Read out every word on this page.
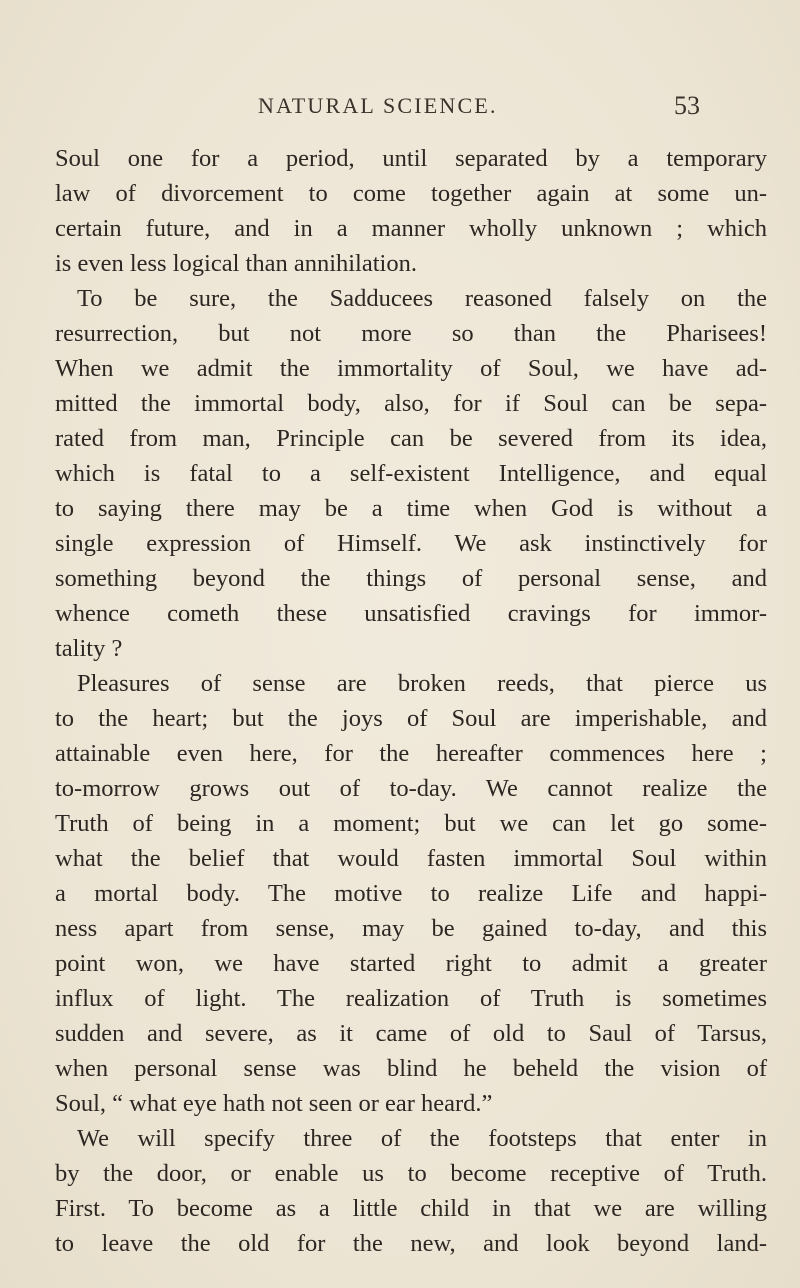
NATURAL SCIENCE.	53
Soul one for a period, until separated by a temporary
law of divorcement to come together again at some un-
certain future, and in a manner wholly unknown ; which
is even less logical than annihilation.
To be sure, the Sadducees reasoned falsely on the
resurrection, but not more so than the Pharisees!
When we admit the immortality of Soul, we have ad-
mitted the immortal body, also, for if Soul can be sepa-
rated from man, Principle can be severed from its idea,
which is fatal to a self-existent Intelligence, and equal
to saying there may be a time when God is without a
single expression of Himself. We ask instinctively for
something beyond the things of personal sense, and
whence cometh these unsatisfied cravings for immor-
tality ?
Pleasures of sense are broken reeds, that pierce us
to the heart; but the joys of Soul are imperishable, and
attainable even here, for the hereafter commences here ;
to-morrow grows out of to-day. We cannot realize the
Truth of being in a moment; but we can let go some-
what the belief that would fasten immortal Soul within
a mortal body. The motive to realize Life and happi-
ness apart from sense, may be gained to-day, and this
point won, we have started right to admit a greater
influx of light. The realization of Truth is sometimes
sudden and severe, as it came of old to Saul of Tarsus,
when personal sense was blind he beheld the vision of
Soul, “ what eye hath not seen or ear heard.”
We will specify three of the footsteps that enter in
by the door, or enable us to become receptive of Truth.
First. To become as a little child in that we are willing
to leave the old for the new, and look beyond land-
